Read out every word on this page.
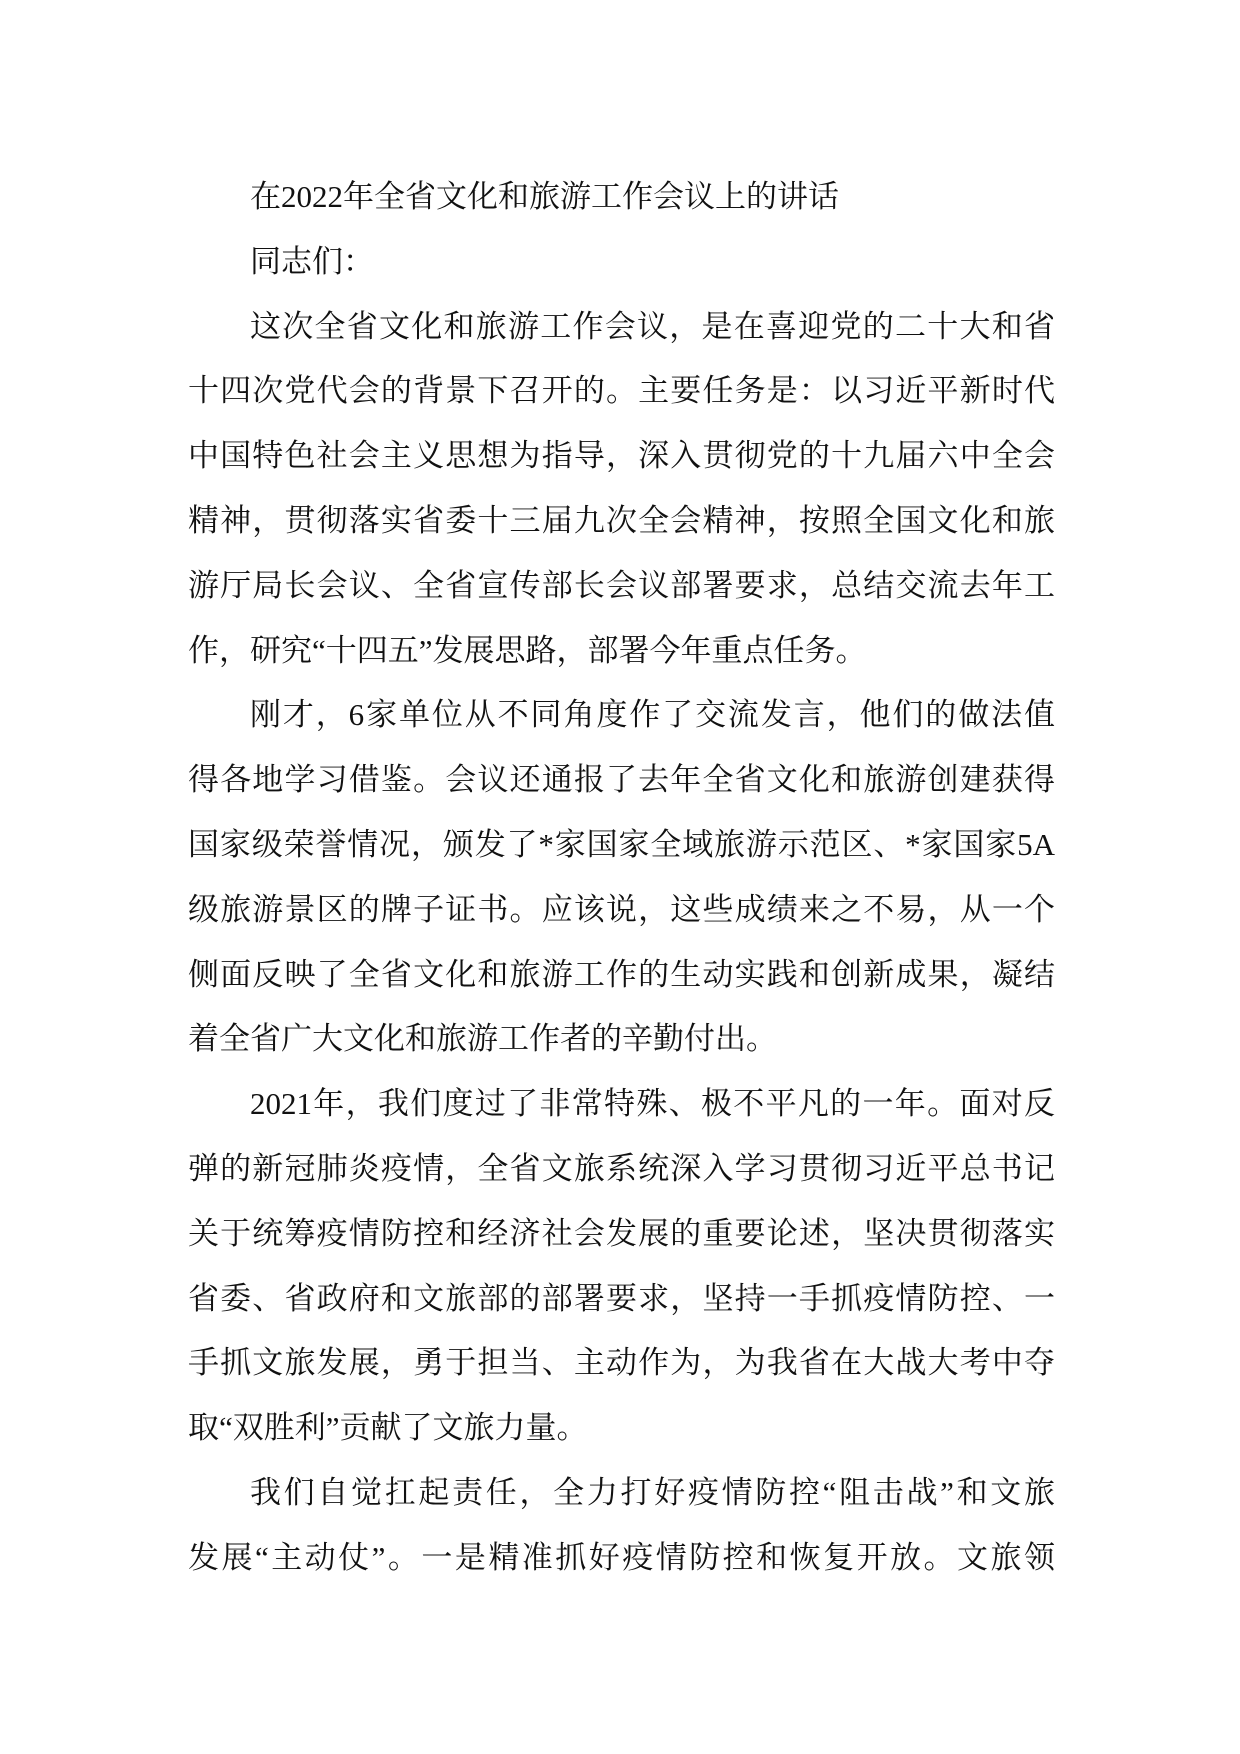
在2022年全省文化和旅游工作会议上的讲话
同志们：
这次全省文化和旅游工作会议，是在喜迎党的二十大和省
十四次党代会的背景下召开的。主要任务是：以习近平新时代
中国特色社会主义思想为指导，深入贯彻党的十九届六中全会
精神，贯彻落实省委十三届九次全会精神，按照全国文化和旅
游厅局长会议、全省宣传部长会议部署要求，总结交流去年工
作，研究“十四五”发展思路，部署今年重点任务。
刚才，6家单位从不同角度作了交流发言，他们的做法值
得各地学习借鉴。会议还通报了去年全省文化和旅游创建获得
国家级荣誉情况，颁发了*家国家全域旅游示范区、*家国家5A
级旅游景区的牌子证书。应该说，这些成绩来之不易，从一个
侧面反映了全省文化和旅游工作的生动实践和创新成果，凝结
着全省广大文化和旅游工作者的辛勤付出。
2021年，我们度过了非常特殊、极不平凡的一年。面对反
弹的新冠肺炎疫情，全省文旅系统深入学习贯彻习近平总书记
关于统筹疫情防控和经济社会发展的重要论述，坚决贯彻落实
省委、省政府和文旅部的部署要求，坚持一手抓疫情防控、一
手抓文旅发展，勇于担当、主动作为，为我省在大战大考中夺
取“双胜利”贡献了文旅力量。
我们自觉扛起责任，全力打好疫情防控“阻击战”和文旅
发展“主动仗”。一是精准抓好疫情防控和恢复开放。文旅领
